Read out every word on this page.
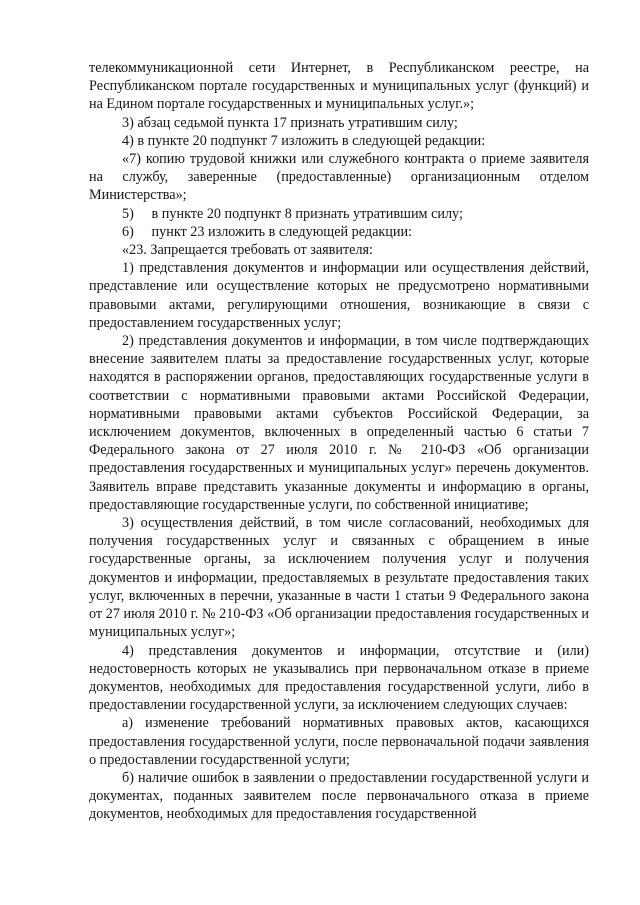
телекоммуникационной сети Интернет, в Республиканском реестре, на Республиканском портале государственных и муниципальных услуг (функций) и на Едином портале государственных и муниципальных услуг.»;

3) абзац седьмой пункта 17 признать утратившим силу;

4) в пункте 20 подпункт 7 изложить в следующей редакции:

«7) копию трудовой книжки или служебного контракта о приеме заявителя на службу, заверенные (предоставленные) организационным отделом Министерства»;

5)     в пункте 20 подпункт 8 признать утратившим силу;

6)     пункт 23 изложить в следующей редакции:

«23. Запрещается требовать от заявителя:

1) представления документов и информации или осуществления действий, представление или осуществление которых не предусмотрено нормативными правовыми актами, регулирующими отношения, возникающие в связи с предоставлением государственных услуг;

2) представления документов и информации, в том числе подтверждающих внесение заявителем платы за предоставление государственных услуг, которые находятся в распоряжении органов, предоставляющих государственные услуги в соответствии с нормативными правовыми актами Российской Федерации, нормативными правовыми актами субъектов Российской Федерации, за исключением документов, включенных в определенный частью 6 статьи 7 Федерального закона от 27 июля 2010 г. № 210-ФЗ «Об организации предоставления государственных и муниципальных услуг» перечень документов. Заявитель вправе представить указанные документы и информацию в органы, предоставляющие государственные услуги, по собственной инициативе;

3) осуществления действий, в том числе согласований, необходимых для получения государственных услуг и связанных с обращением в иные государственные органы, за исключением получения услуг и получения документов и информации, предоставляемых в результате предоставления таких услуг, включенных в перечни, указанные в части 1 статьи 9 Федерального закона от 27 июля 2010 г. № 210-ФЗ «Об организации предоставления государственных и муниципальных услуг»;

4) представления документов и информации, отсутствие и (или) недостоверность которых не указывались при первоначальном отказе в приеме документов, необходимых для предоставления государственной услуги, либо в предоставлении государственной услуги, за исключением следующих случаев:

а) изменение требований нормативных правовых актов, касающихся предоставления государственной услуги, после первоначальной подачи заявления о предоставлении государственной услуги;

б) наличие ошибок в заявлении о предоставлении государственной услуги и документах, поданных заявителем после первоначального отказа в приеме документов, необходимых для предоставления государственной
